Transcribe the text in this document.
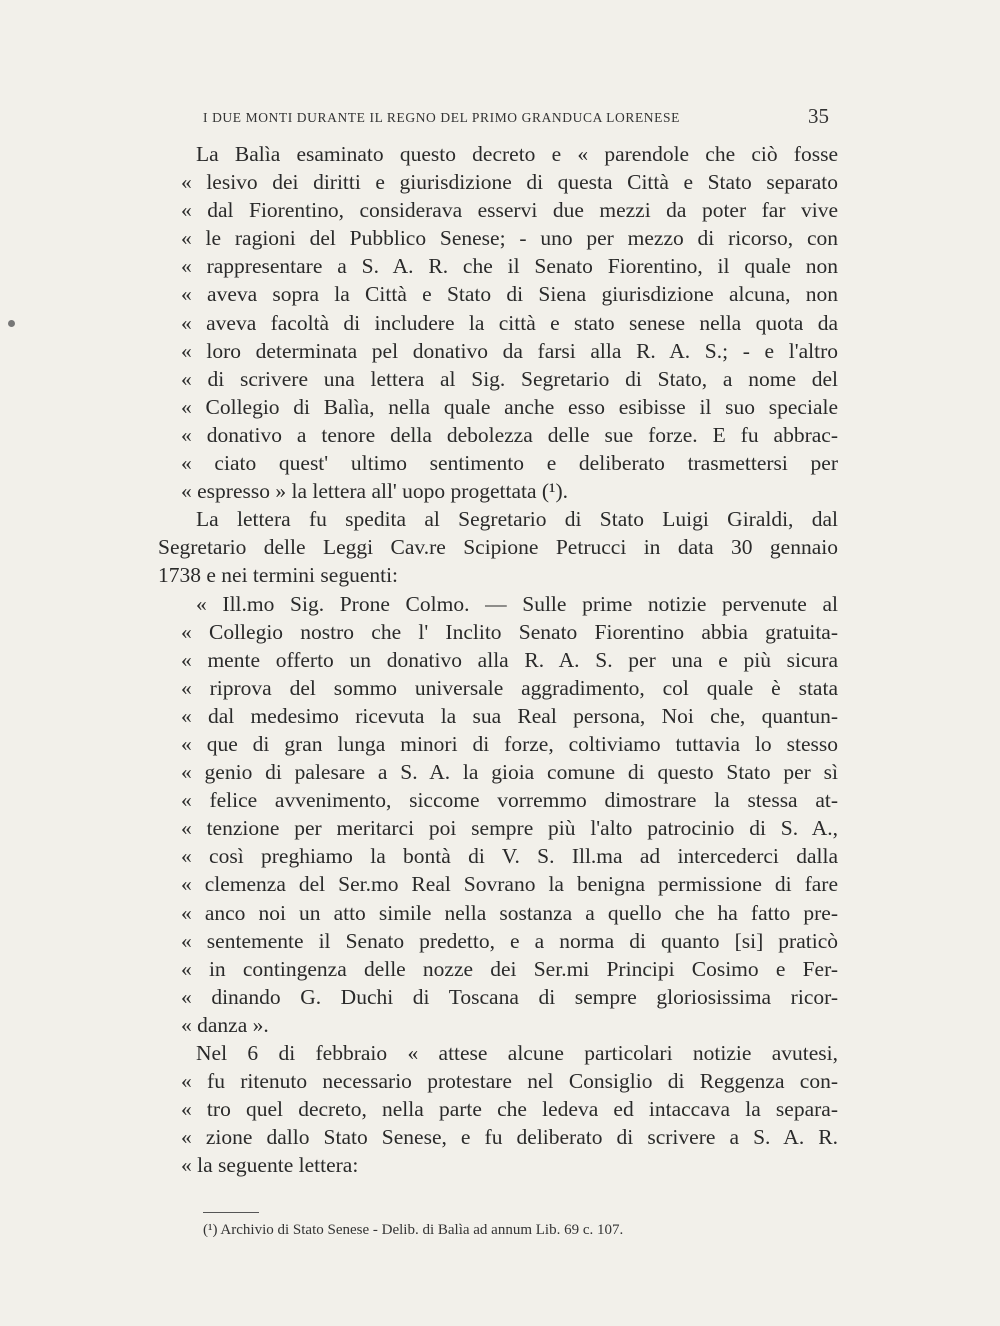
I DUE MONTI DURANTE IL REGNO DEL PRIMO GRANDUCA LORENESE	35
La Balìa esaminato questo decreto e « parendole che ciò fosse
« lesivo dei diritti e giurisdizione di questa Città e Stato separato
« dal Fiorentino, considerava esservi due mezzi da poter far vive
« le ragioni del Pubblico Senese; - uno per mezzo di ricorso, con
« rappresentare a S. A. R. che il Senato Fiorentino, il quale non
« aveva sopra la Città e Stato di Siena giurisdizione alcuna, non
« aveva facoltà di includere la città e stato senese nella quota da
« loro determinata pel donativo da farsi alla R. A. S.; - e l'altro
« di scrivere una lettera al Sig. Segretario di Stato, a nome del
« Collegio di Balìa, nella quale anche esso esibisse il suo speciale
« donativo a tenore della debolezza delle sue forze. E fu abbrac-
« ciato quest' ultimo sentimento e deliberato trasmettersi per
« espresso » la lettera all' uopo progettata (¹).
La lettera fu spedita al Segretario di Stato Luigi Giraldi, dal
Segretario delle Leggi Cav.re Scipione Petrucci in data 30 gennaio
1738 e nei termini seguenti:
« Ill.mo Sig. Prone Colmo. — Sulle prime notizie pervenute al
« Collegio nostro che l' Inclito Senato Fiorentino abbia gratuita-
« mente offerto un donativo alla R. A. S. per una e più sicura
« riprova del sommo universale aggradimento, col quale è stata
« dal medesimo ricevuta la sua Real persona, Noi che, quantun-
« que di gran lunga minori di forze, coltiviamo tuttavia lo stesso
« genio di palesare a S. A. la gioia comune di questo Stato per sì
« felice avvenimento, siccome vorremmo dimostrare la stessa at-
« tenzione per meritarci poi sempre più l'alto patrocinio di S. A.,
« così preghiamo la bontà di V. S. Ill.ma ad intercederci dalla
« clemenza del Ser.mo Real Sovrano la benigna permissione di fare
« anco noi un atto simile nella sostanza a quello che ha fatto pre-
« sentemente il Senato predetto, e a norma di quanto [si] praticò
« in contingenza delle nozze dei Ser.mi Principi Cosimo e Fer-
« dinando G. Duchi di Toscana di sempre gloriosissima ricor-
« danza ».
Nel 6 di febbraio « attese alcune particolari notizie avutesi,
« fu ritenuto necessario protestare nel Consiglio di Reggenza con-
« tro quel decreto, nella parte che ledeva ed intaccava la separa-
« zione dallo Stato Senese, e fu deliberato di scrivere a S. A. R.
« la seguente lettera:
(¹) Archivio di Stato Senese - Delib. di Balìa ad annum Lib. 69 c. 107.
